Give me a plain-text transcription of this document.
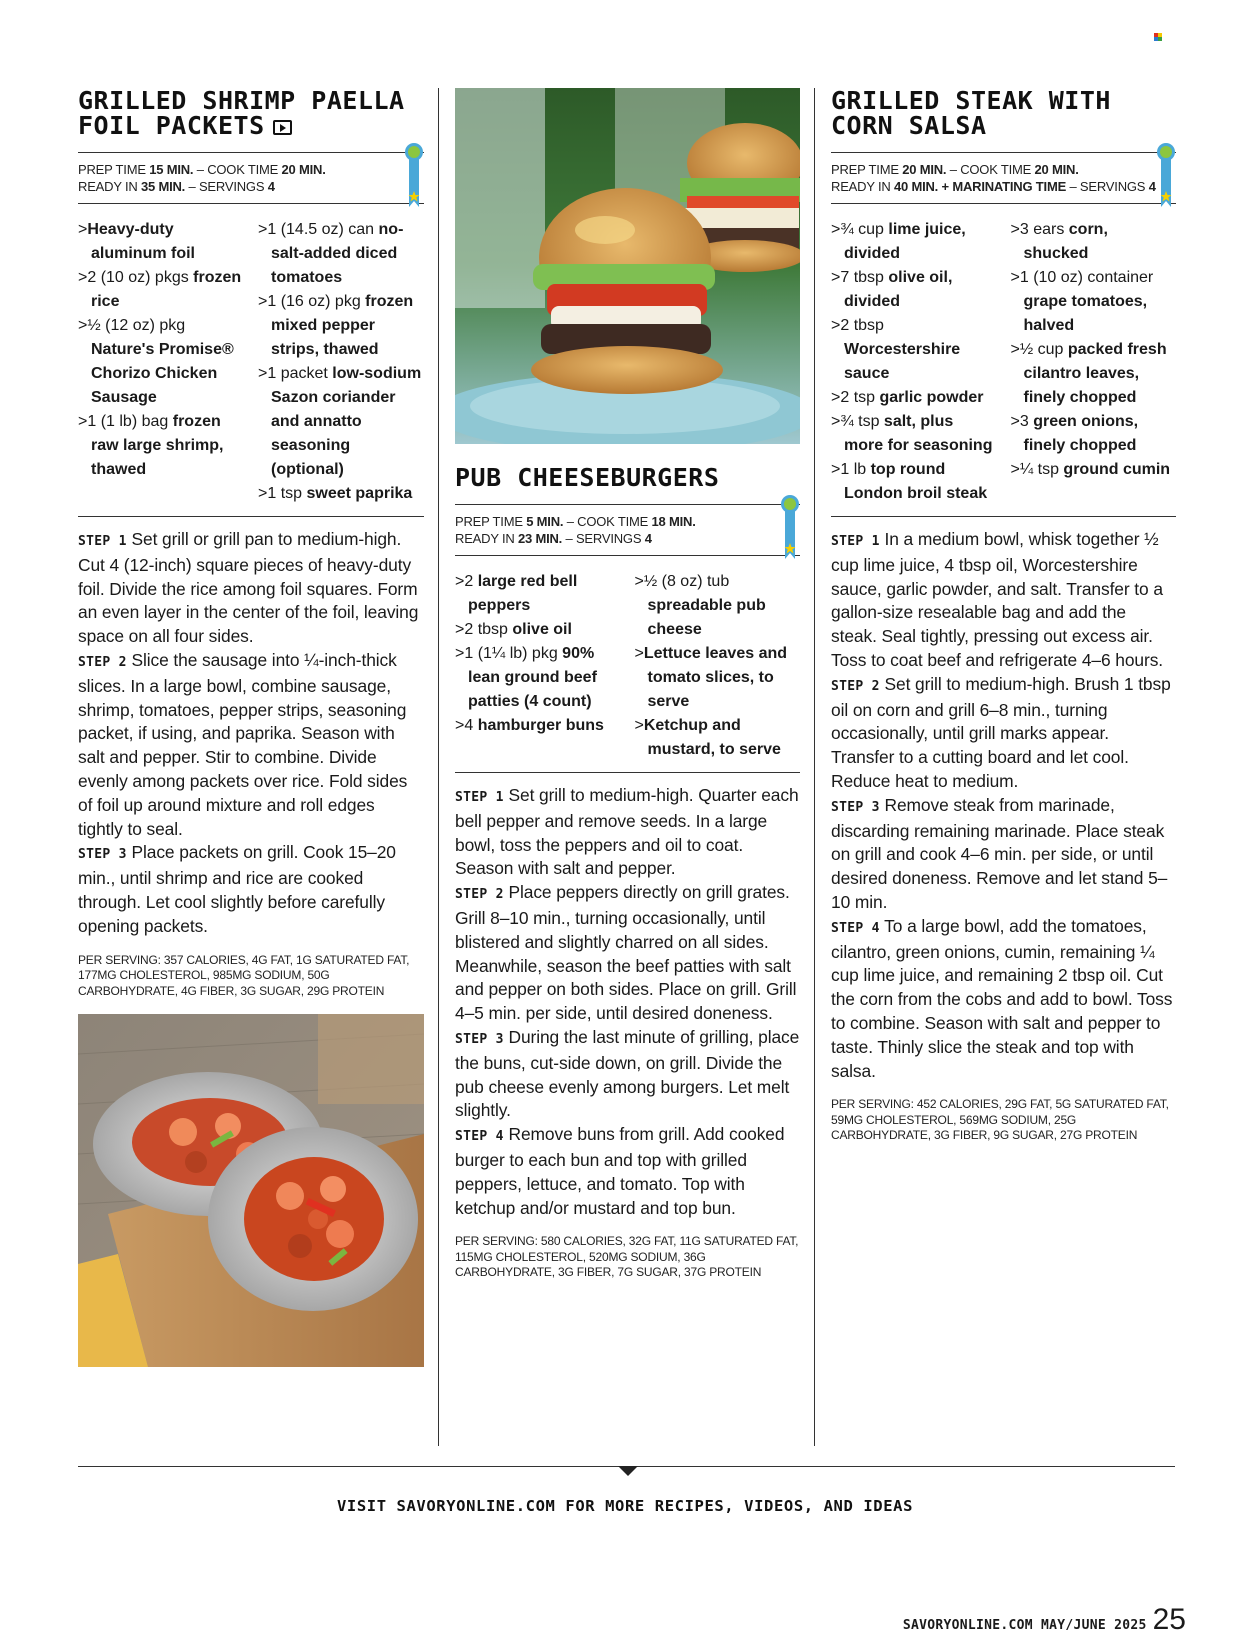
GRILLED SHRIMP PAELLA
FOIL PACKETS
PREP TIME 15 MIN. – COOK TIME 20 MIN.
READY IN 35 MIN. – SERVINGS 4
>Heavy-duty aluminum foil
>2 (10 oz) pkgs frozen rice
>½ (12 oz) pkg Nature's Promise® Chorizo Chicken Sausage
>1 (1 lb) bag frozen raw large shrimp, thawed
>1 (14.5 oz) can no-salt-added diced tomatoes
>1 (16 oz) pkg frozen mixed pepper strips, thawed
>1 packet low-sodium Sazon coriander and annatto seasoning (optional)
>1 tsp sweet paprika

STEP 1 Set grill or grill pan to medium-high. Cut 4 (12-inch) square pieces of heavy-duty foil. Divide the rice among foil squares. Form an even layer in the center of the foil, leaving space on all four sides.

STEP 2 Slice the sausage into ¼-inch-thick slices. In a large bowl, combine sausage, shrimp, tomatoes, pepper strips, seasoning packet, if using, and paprika. Season with salt and pepper. Stir to combine. Divide evenly among packets over rice. Fold sides of foil up around mixture and roll edges tightly to seal.

STEP 3 Place packets on grill. Cook 15–20 min., until shrimp and rice are cooked through. Let cool slightly before carefully opening packets.

PER SERVING: 357 CALORIES, 4G FAT, 1G SATURATED FAT, 177MG CHOLESTEROL, 985MG SODIUM, 50G CARBOHYDRATE, 4G FIBER, 3G SUGAR, 29G PROTEIN
PUB CHEESEBURGERS
PREP TIME 5 MIN. – COOK TIME 18 MIN.
READY IN 23 MIN. – SERVINGS 4
>2 large red bell peppers
>2 tbsp olive oil
>1 (1¼ lb) pkg 90% lean ground beef patties (4 count)
>4 hamburger buns
>½ (8 oz) tub spreadable pub cheese
>Lettuce leaves and tomato slices, to serve
>Ketchup and mustard, to serve

STEP 1 Set grill to medium-high. Quarter each bell pepper and remove seeds. In a large bowl, toss the peppers and oil to coat. Season with salt and pepper.

STEP 2 Place peppers directly on grill grates. Grill 8–10 min., turning occasionally, until blistered and slightly charred on all sides. Meanwhile, season the beef patties with salt and pepper on both sides. Place on grill. Grill 4–5 min. per side, until desired doneness.

STEP 3 During the last minute of grilling, place the buns, cut-side down, on grill. Divide the pub cheese evenly among burgers. Let melt slightly.

STEP 4 Remove buns from grill. Add cooked burger to each bun and top with grilled peppers, lettuce, and tomato. Top with ketchup and/or mustard and top bun.

PER SERVING: 580 CALORIES, 32G FAT, 11G SATURATED FAT, 115MG CHOLESTEROL, 520MG SODIUM, 36G CARBOHYDRATE, 3G FIBER, 7G SUGAR, 37G PROTEIN
GRILLED STEAK WITH
CORN SALSA
PREP TIME 20 MIN. – COOK TIME 20 MIN.
READY IN 40 MIN. + MARINATING TIME – SERVINGS 4
>¾ cup lime juice, divided
>7 tbsp olive oil, divided
>2 tbsp Worcestershire sauce
>2 tsp garlic powder
>¾ tsp salt, plus more for seasoning
>1 lb top round London broil steak
>3 ears corn, shucked
>1 (10 oz) container grape tomatoes, halved
>½ cup packed fresh cilantro leaves, finely chopped
>3 green onions, finely chopped
>¼ tsp ground cumin

STEP 1 In a medium bowl, whisk together ½ cup lime juice, 4 tbsp oil, Worcestershire sauce, garlic powder, and salt. Transfer to a gallon-size resealable bag and add the steak. Seal tightly, pressing out excess air. Toss to coat beef and refrigerate 4–6 hours.

STEP 2 Set grill to medium-high. Brush 1 tbsp oil on corn and grill 6–8 min., turning occasionally, until grill marks appear. Transfer to a cutting board and let cool. Reduce heat to medium.

STEP 3 Remove steak from marinade, discarding remaining marinade. Place steak on grill and cook 4–6 min. per side, or until desired doneness. Remove and let stand 5–10 min.

STEP 4 To a large bowl, add the tomatoes, cilantro, green onions, cumin, remaining ¼ cup lime juice, and remaining 2 tbsp oil. Cut the corn from the cobs and add to bowl. Toss to combine. Season with salt and pepper to taste. Thinly slice the steak and top with salsa.

PER SERVING: 452 CALORIES, 29G FAT, 5G SATURATED FAT, 59MG CHOLESTEROL, 569MG SODIUM, 25G CARBOHYDRATE, 3G FIBER, 9G SUGAR, 27G PROTEIN
VISIT SAVORYONLINE.COM FOR MORE RECIPES, VIDEOS, AND IDEAS
SAVORYONLINE.COM MAY/JUNE 2025 25
